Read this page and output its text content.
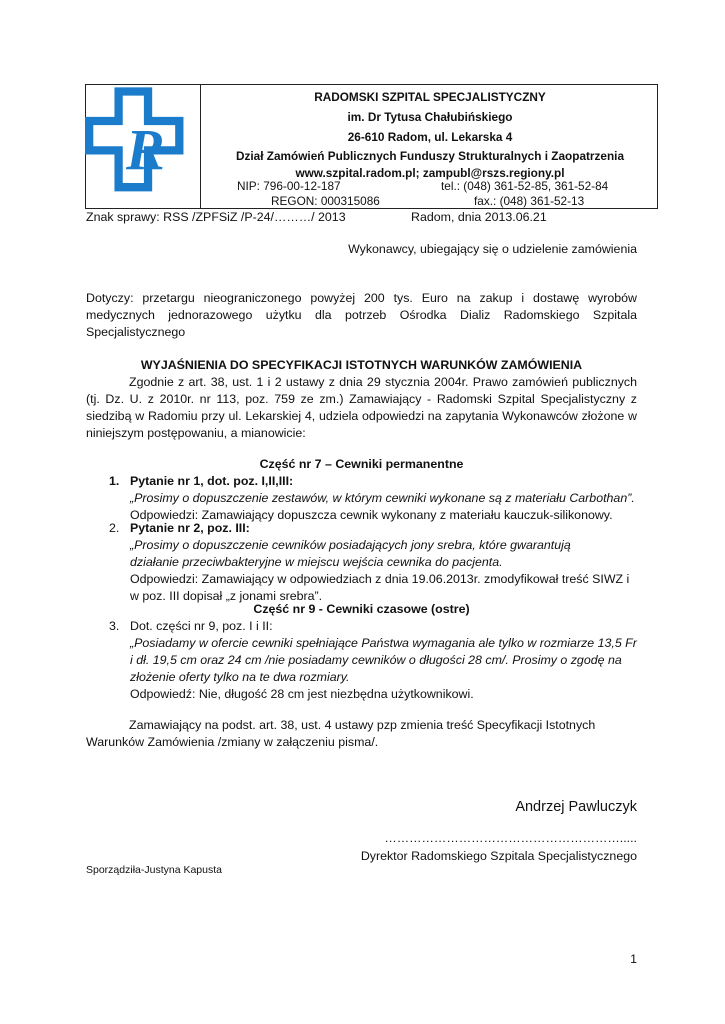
R
RADOMSKI SZPITAL SPECJALISTYCZNY
im. Dr Tytusa Chałubińskiego
26-610 Radom, ul. Lekarska 4
Dział Zamówień Publicznych Funduszy Strukturalnych i Zaopatrzenia
www.szpital.radom.pl; zampubl@rszs.regiony.pl
NIP: 796-00-12-187	tel.: (048) 361-52-85, 361-52-84
REGON: 000315086	fax.: (048) 361-52-13
Znak sprawy: RSS /ZPFSiZ /P-24/………/ 2013	Radom, dnia 2013.06.21
Wykonawcy, ubiegający się o udzielenie zamówienia
Dotyczy: przetargu nieograniczonego powyżej 200 tys. Euro na zakup i dostawę wyrobów medycznych jednorazowego użytku dla potrzeb Ośrodka Dializ Radomskiego Szpitala Specjalistycznego
WYJAŚNIENIA DO SPECYFIKACJI ISTOTNYCH WARUNKÓW ZAMÓWIENIA
Zgodnie z art. 38, ust. 1 i 2 ustawy z dnia 29 stycznia 2004r. Prawo zamówień publicznych (tj. Dz. U. z 2010r. nr 113, poz. 759 ze zm.) Zamawiający - Radomski Szpital Specjalistyczny z siedzibą w Radomiu przy ul. Lekarskiej 4, udziela odpowiedzi na zapytania Wykonawców złożone w niniejszym postępowaniu, a mianowicie:
Część nr 7 – Cewniki permanentne
1. Pytanie nr 1, dot. poz. I,II,III:
„Prosimy o dopuszczenie zestawów, w którym cewniki wykonane są z materiału Carbothan”.
Odpowiedzi: Zamawiający dopuszcza cewnik wykonany z materiału kauczuk-silikonowy.
2. Pytanie nr 2, poz. III:
„Prosimy o dopuszczenie cewników posiadających jony srebra, które gwarantują działanie przeciwbakteryjne w miejscu wejścia cewnika do pacjenta.
Odpowiedzi: Zamawiający w odpowiedziach z dnia 19.06.2013r. zmodyfikował treść SIWZ i w poz. III dopisał „z jonami srebra”.
Część nr 9 - Cewniki czasowe (ostre)
3. Dot. części nr 9, poz. I i II:
„Posiadamy w ofercie cewniki spełniające Państwa wymagania ale tylko w rozmiarze 13,5 Fr i dł. 19,5 cm oraz 24 cm /nie posiadamy cewników o długości 28 cm/. Prosimy o zgodę na złożenie oferty tylko na te dwa rozmiary.
Odpowiedź: Nie, długość 28 cm jest niezbędna użytkownikowi.
Zamawiający na podst. art. 38, ust. 4 ustawy pzp zmienia treść Specyfikacji Istotnych Warunków Zamówienia /zmiany w załączeniu pisma/.
Andrzej Pawluczyk
………………………………………………….....
Dyrektor Radomskiego Szpitala Specjalistycznego
Sporządziła-Justyna Kapusta
1
